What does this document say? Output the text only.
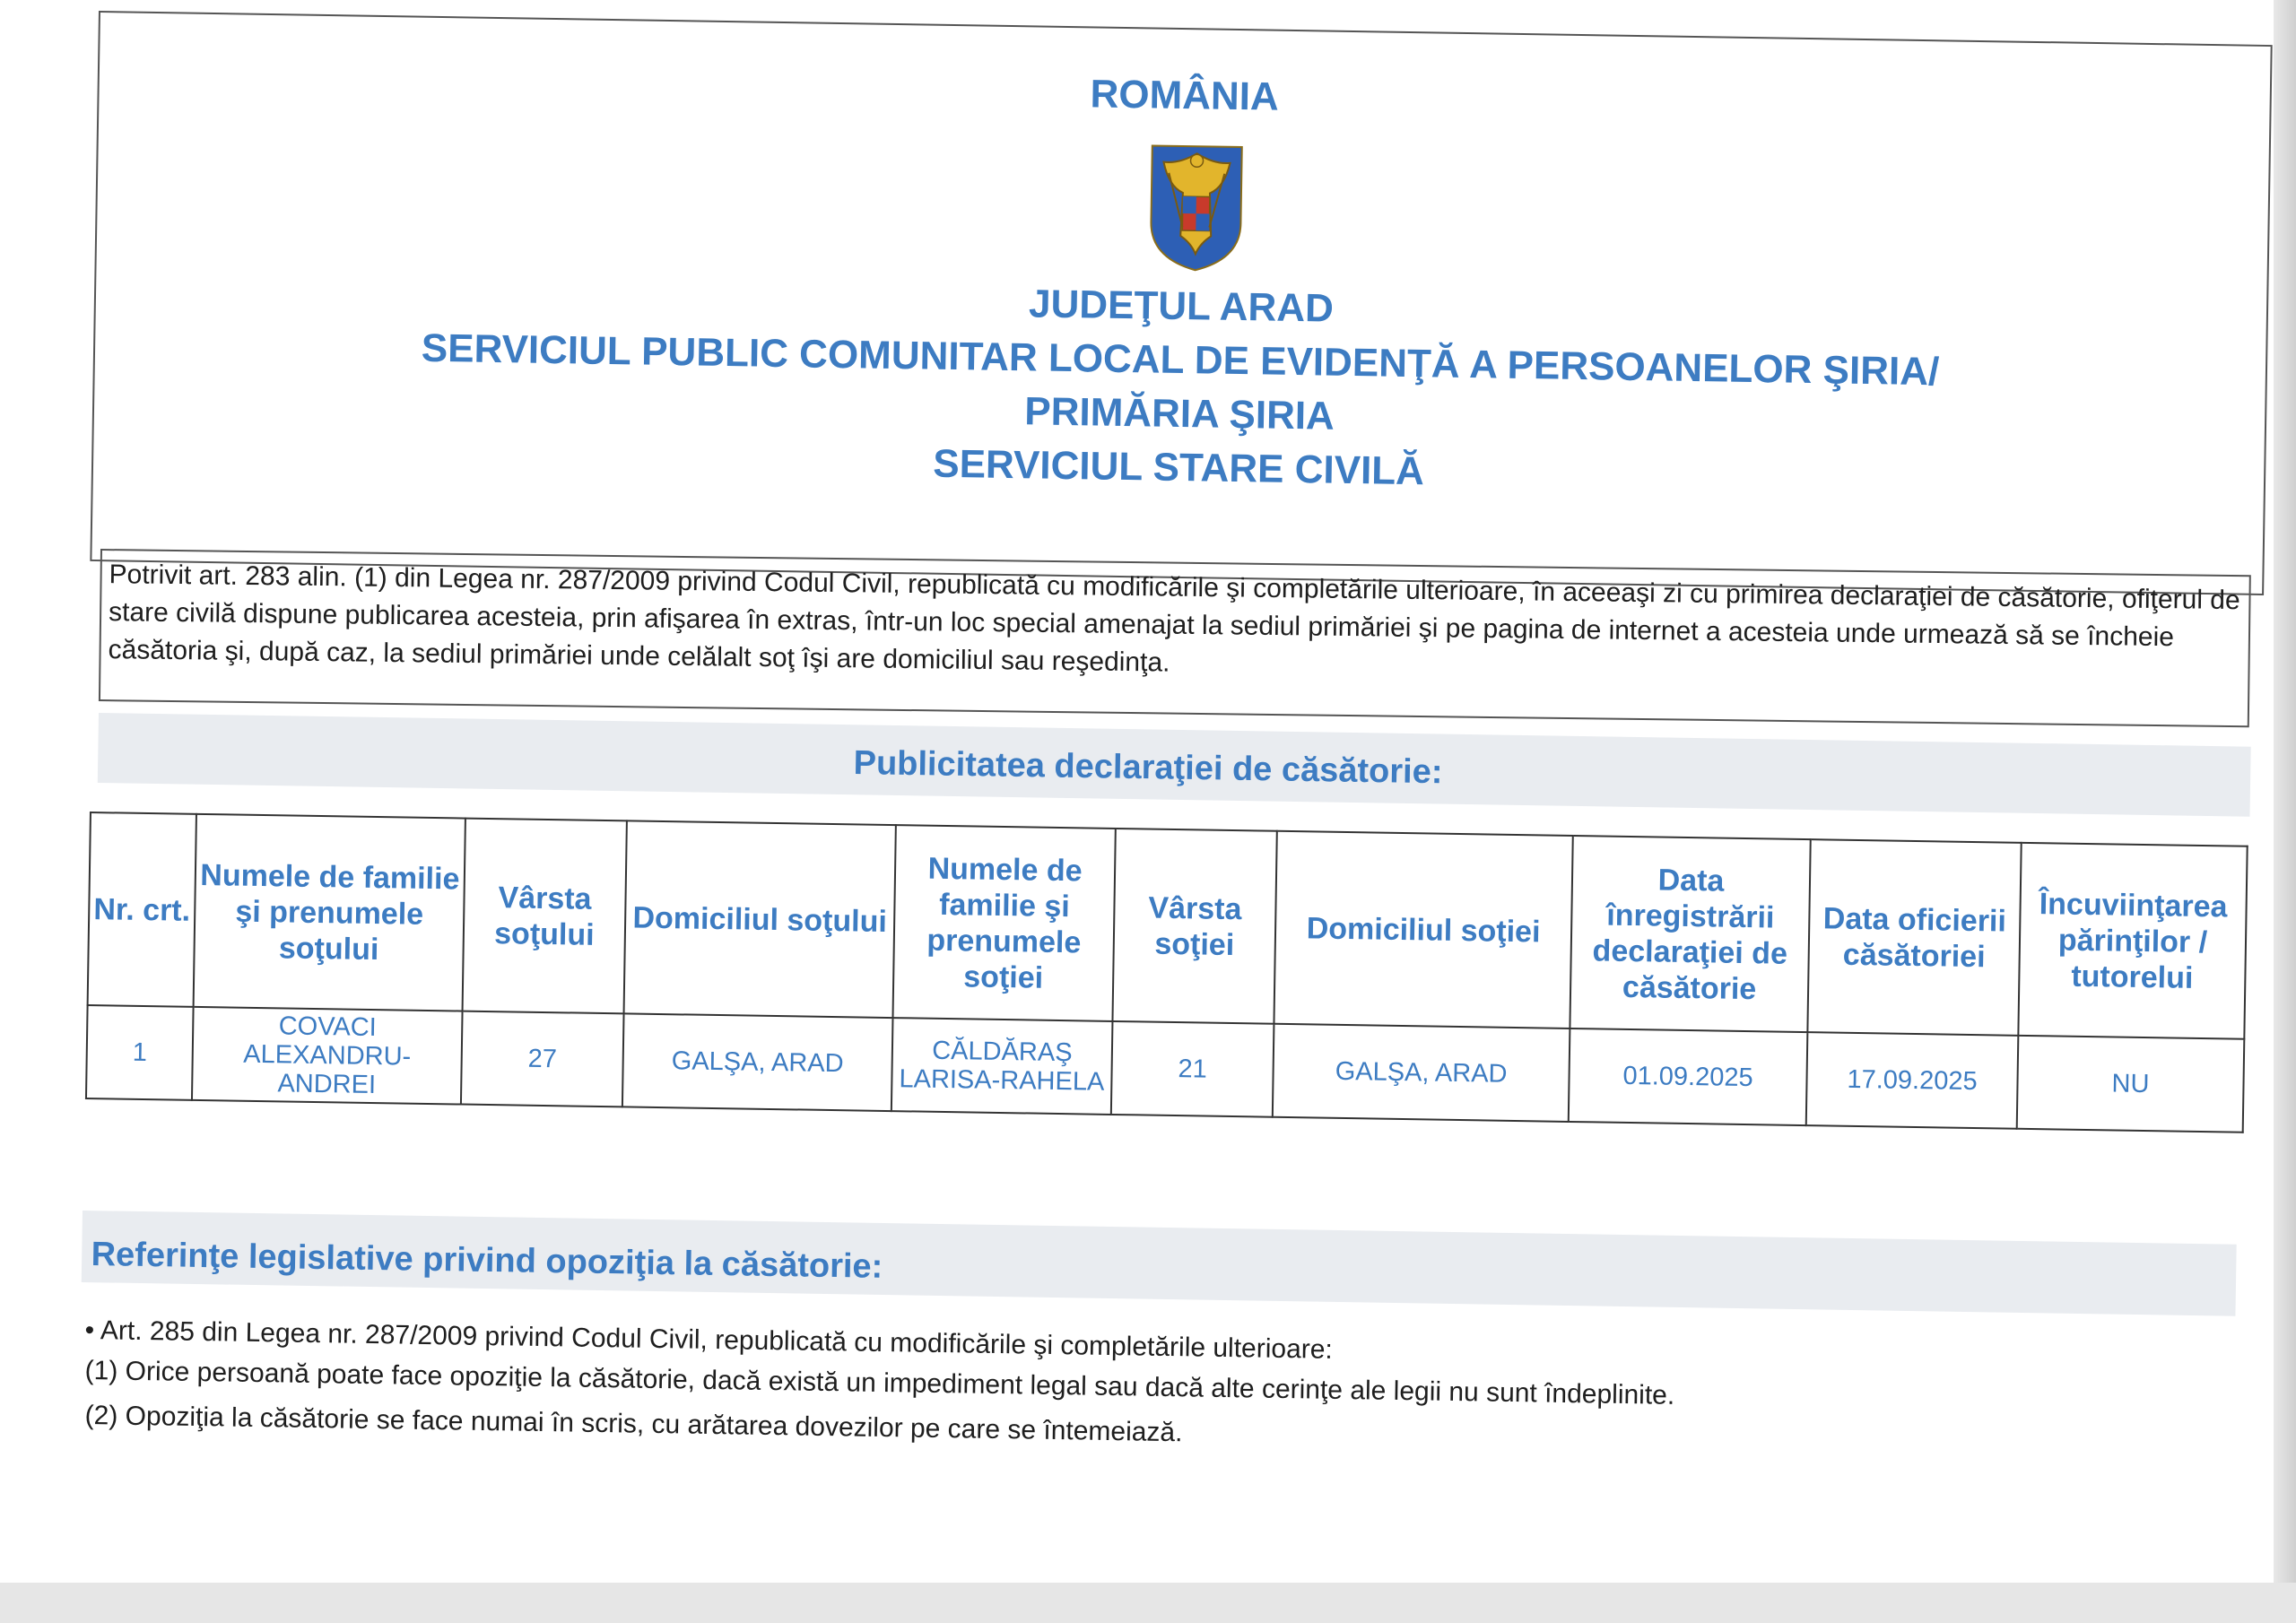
ROMÂNIA
JUDEŢUL ARAD
SERVICIUL PUBLIC COMUNITAR LOCAL DE EVIDENŢĂ A PERSOANELOR ŞIRIA/
PRIMĂRIA ŞIRIA
SERVICIUL STARE CIVILĂ
Potrivit art. 283 alin. (1) din Legea nr. 287/2009 privind Codul Civil, republicată cu modificările şi completările ulterioare, în aceeaşi zi cu primirea declaraţiei de căsătorie, ofiţerul de stare civilă dispune publicarea acesteia, prin afişarea în extras, într-un loc special amenajat la sediul primăriei şi pe pagina de internet a acesteia unde urmează să se încheie căsătoria şi, după caz, la sediul primăriei unde celălalt soţ îşi are domiciliul sau reşedinţa.
Publicitatea declaraţiei de căsătorie:
Nr. crt.	Numele de familie şi prenumele soţului	Vârsta soţului	Domiciliul soţului	Numele de familie şi prenumele soţiei	Vârsta soţiei	Domiciliul soţiei	Data înregistrării declaraţiei de căsătorie	Data oficierii căsătoriei	Încuviinţarea părinţilor / tutorelui
1	COVACI ALEXANDRU-ANDREI	27	GALŞA, ARAD	CĂLDĂRAŞ LARISA-RAHELA	21	GALŞA, ARAD	01.09.2025	17.09.2025	NU
Referinţe legislative privind opoziţia la căsătorie:
• Art. 285 din Legea nr. 287/2009 privind Codul Civil, republicată cu modificările şi completările ulterioare:
(1) Orice persoană poate face opoziţie la căsătorie, dacă există un impediment legal sau dacă alte cerinţe ale legii nu sunt îndeplinite.
(2) Opoziţia la căsătorie se face numai în scris, cu arătarea dovezilor pe care se întemeiază.
